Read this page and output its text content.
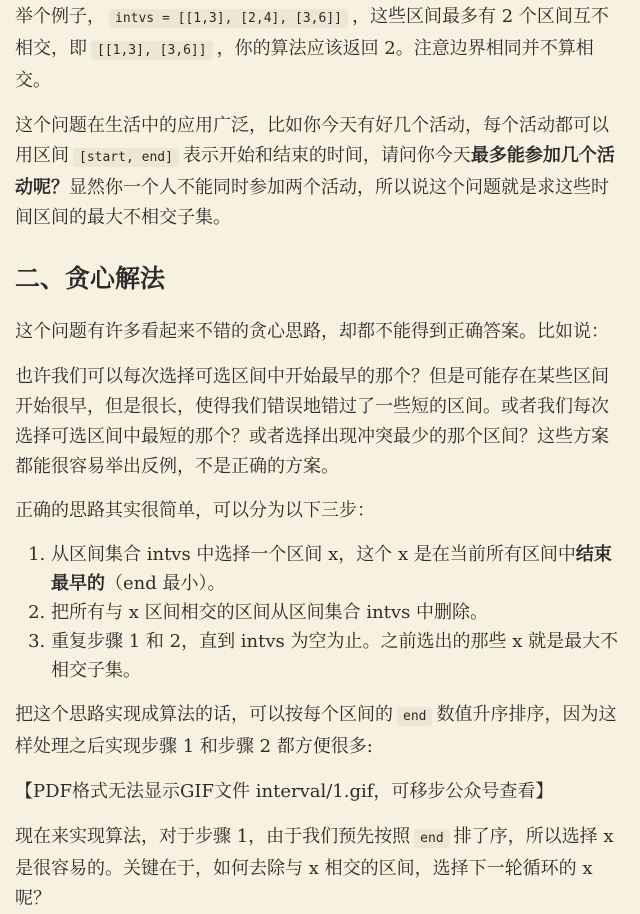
举个例子， intvs = [[1,3], [2,4], [3,6]] ，这些区间最多有 2 个区间互不相交，即 [[1,3], [3,6]] ，你的算法应该返回 2。注意边界相同并不算相交。

这个问题在生活中的应用广泛，比如你今天有好几个活动，每个活动都可以用区间 [start, end] 表示开始和结束的时间，请问你今天最多能参加几个活动呢？显然你一个人不能同时参加两个活动，所以说这个问题就是求这些时间区间的最大不相交子集。

二、贪心解法

这个问题有许多看起来不错的贪心思路，却都不能得到正确答案。比如说：

也许我们可以每次选择可选区间中开始最早的那个？但是可能存在某些区间开始很早，但是很长，使得我们错误地错过了一些短的区间。或者我们每次选择可选区间中最短的那个？或者选择出现冲突最少的那个区间？这些方案都能很容易举出反例，不是正确的方案。

正确的思路其实很简单，可以分为以下三步：

1. 从区间集合 intvs 中选择一个区间 x，这个 x 是在当前所有区间中结束最早的（end 最小）。
2. 把所有与 x 区间相交的区间从区间集合 intvs 中删除。
3. 重复步骤 1 和 2，直到 intvs 为空为止。之前选出的那些 x 就是最大不相交子集。

把这个思路实现成算法的话，可以按每个区间的 end 数值升序排序，因为这样处理之后实现步骤 1 和步骤 2 都方便很多:

【PDF格式无法显示GIF文件 interval/1.gif，可移步公众号查看】

现在来实现算法，对于步骤 1，由于我们预先按照 end 排了序，所以选择 x 是很容易的。关键在于，如何去除与 x 相交的区间，选择下一轮循环的 x 呢？
